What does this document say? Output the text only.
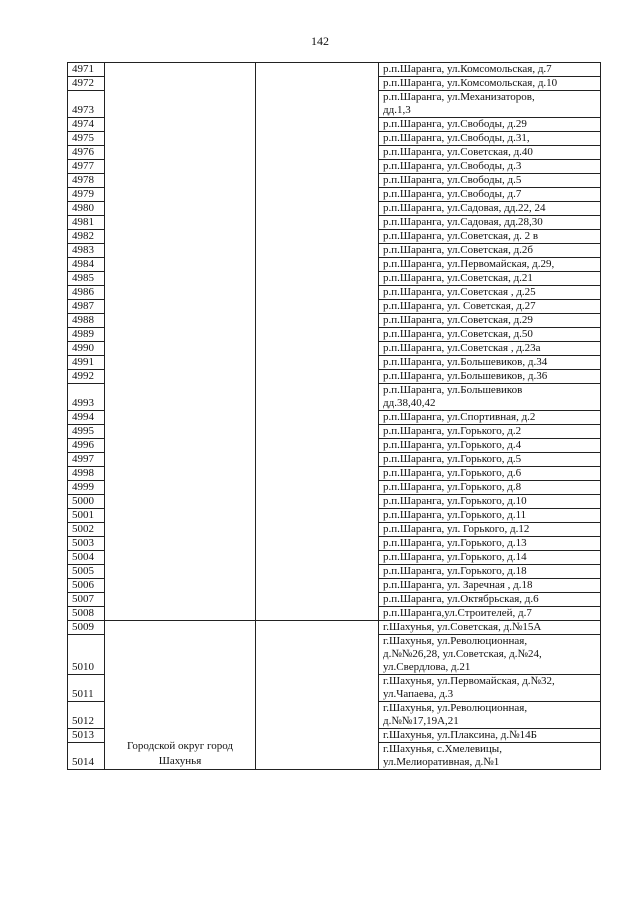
142
4971			р.п.Шаранга, ул.Комсомольская, д.7
4972			р.п.Шаранга, ул.Комсомольская, д.10
4973			р.п.Шаранга, ул.Механизаторов,
дд.1,3
4974			р.п.Шаранга, ул.Свободы, д.29
4975			р.п.Шаранга, ул.Свободы, д.31,
4976			р.п.Шаранга, ул.Советская, д.40
4977			р.п.Шаранга, ул.Свободы, д.3
4978			р.п.Шаранга, ул.Свободы, д.5
4979			р.п.Шаранга, ул.Свободы, д.7
4980			р.п.Шаранга, ул.Садовая, дд.22, 24
4981			р.п.Шаранга, ул.Садовая, дд.28,30
4982			р.п.Шаранга, ул.Советская, д. 2 в
4983			р.п.Шаранга, ул.Советская, д.2б
4984			р.п.Шаранга, ул.Первомайская, д.29,
4985			р.п.Шаранга, ул.Советская, д.21
4986			р.п.Шаранга, ул.Советская , д.25
4987			р.п.Шаранга, ул. Советская, д.27
4988			р.п.Шаранга, ул.Советская, д.29
4989			р.п.Шаранга, ул.Советская, д.50
4990			р.п.Шаранга, ул.Советская , д.23а
4991			р.п.Шаранга, ул.Большевиков, д.34
4992			р.п.Шаранга, ул.Большевиков, д.36
4993			р.п.Шаранга, ул.Большевиков
дд.38,40,42
4994			р.п.Шаранга, ул.Спортивная, д.2
4995			р.п.Шаранга, ул.Горького, д.2
4996			р.п.Шаранга, ул.Горького, д.4
4997			р.п.Шаранга, ул.Горького, д.5
4998			р.п.Шаранга, ул.Горького, д.6
4999			р.п.Шаранга, ул.Горького, д.8
5000			р.п.Шаранга, ул.Горького, д.10
5001			р.п.Шаранга, ул.Горького, д.11
5002			р.п.Шаранга, ул. Горького, д.12
5003			р.п.Шаранга, ул.Горького, д.13
5004			р.п.Шаранга, ул.Горького, д.14
5005			р.п.Шаранга, ул.Горького, д.18
5006			р.п.Шаранга, ул. Заречная , д.18
5007			р.п.Шаранга, ул.Октябрьская, д.6
5008			р.п.Шаранга,ул.Строителей, д.7
5009	Городской округ город Шахунья		г.Шахунья, ул.Советская, д.№15А
5010			г.Шахунья, ул.Революционная,
д.№№26,28, ул.Советская, д.№24,
ул.Свердлова, д.21
5011			г.Шахунья, ул.Первомайская, д.№32,
ул.Чапаева, д.3
5012			г.Шахунья, ул.Революционная,
д.№№17,19А,21
5013			г.Шахунья, ул.Плаксина, д.№14Б
5014			г.Шахунья, с.Хмелевицы,
ул.Мелиоративная, д.№1
